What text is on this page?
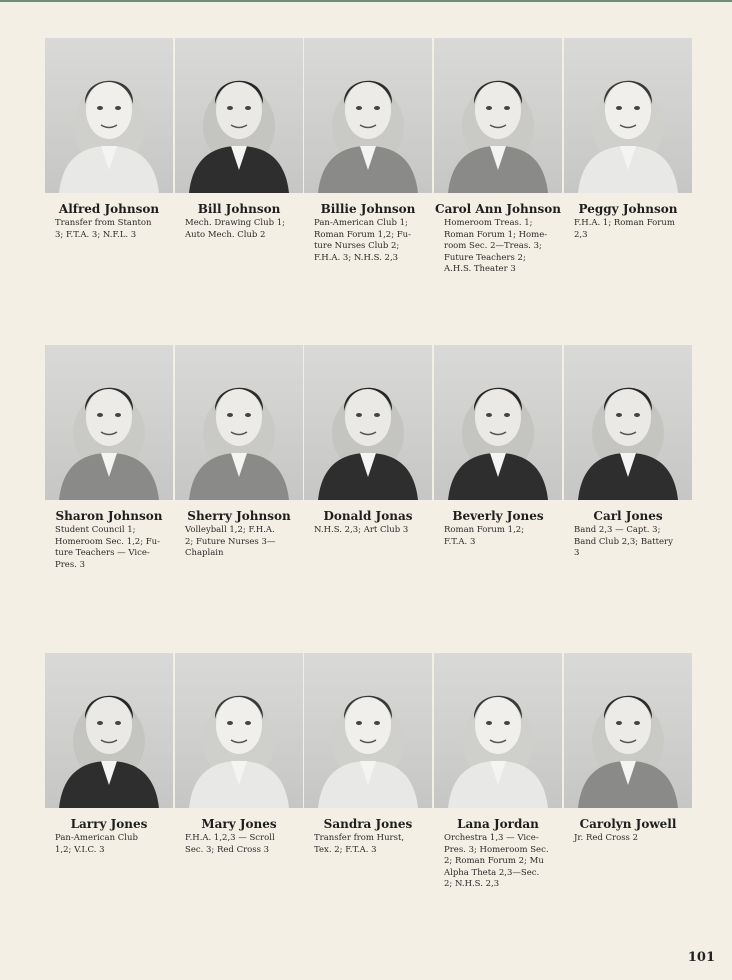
Alfred Johnson
Transfer from Stanton
3; F.T.A. 3; N.F.L. 3
Bill Johnson
Mech. Drawing Club 1;
Auto Mech. Club 2
Billie Johnson
Pan-American Club 1;
Roman Forum 1,2; Fu-
ture Nurses Club 2;
F.H.A. 3; N.H.S. 2,3
Carol Ann Johnson
Homeroom Treas. 1;
Roman Forum 1; Home-
room Sec. 2—Treas. 3;
Future Teachers 2;
A.H.S. Theater 3
Peggy Johnson
F.H.A. 1; Roman Forum
2,3
Sharon Johnson
Student Council 1;
Homeroom Sec. 1,2; Fu-
ture Teachers — Vice-
Pres. 3
Sherry Johnson
Volleyball 1,2; F.H.A.
2; Future Nurses 3—
Chaplain
Donald Jonas
N.H.S. 2,3; Art Club 3
Beverly Jones
Roman Forum 1,2;
F.T.A. 3
Carl Jones
Band 2,3 — Capt. 3;
Band Club 2,3; Battery
3
Larry Jones
Pan-American Club
1,2; V.I.C. 3
Mary Jones
F.H.A. 1,2,3 — Scroll
Sec. 3; Red Cross 3
Sandra Jones
Transfer from Hurst,
Tex. 2; F.T.A. 3
Lana Jordan
Orchestra 1,3 — Vice-
Pres. 3; Homeroom Sec.
2; Roman Forum 2; Mu
Alpha Theta 2,3—Sec.
2; N.H.S. 2,3
Carolyn Jowell
Jr. Red Cross 2
101
